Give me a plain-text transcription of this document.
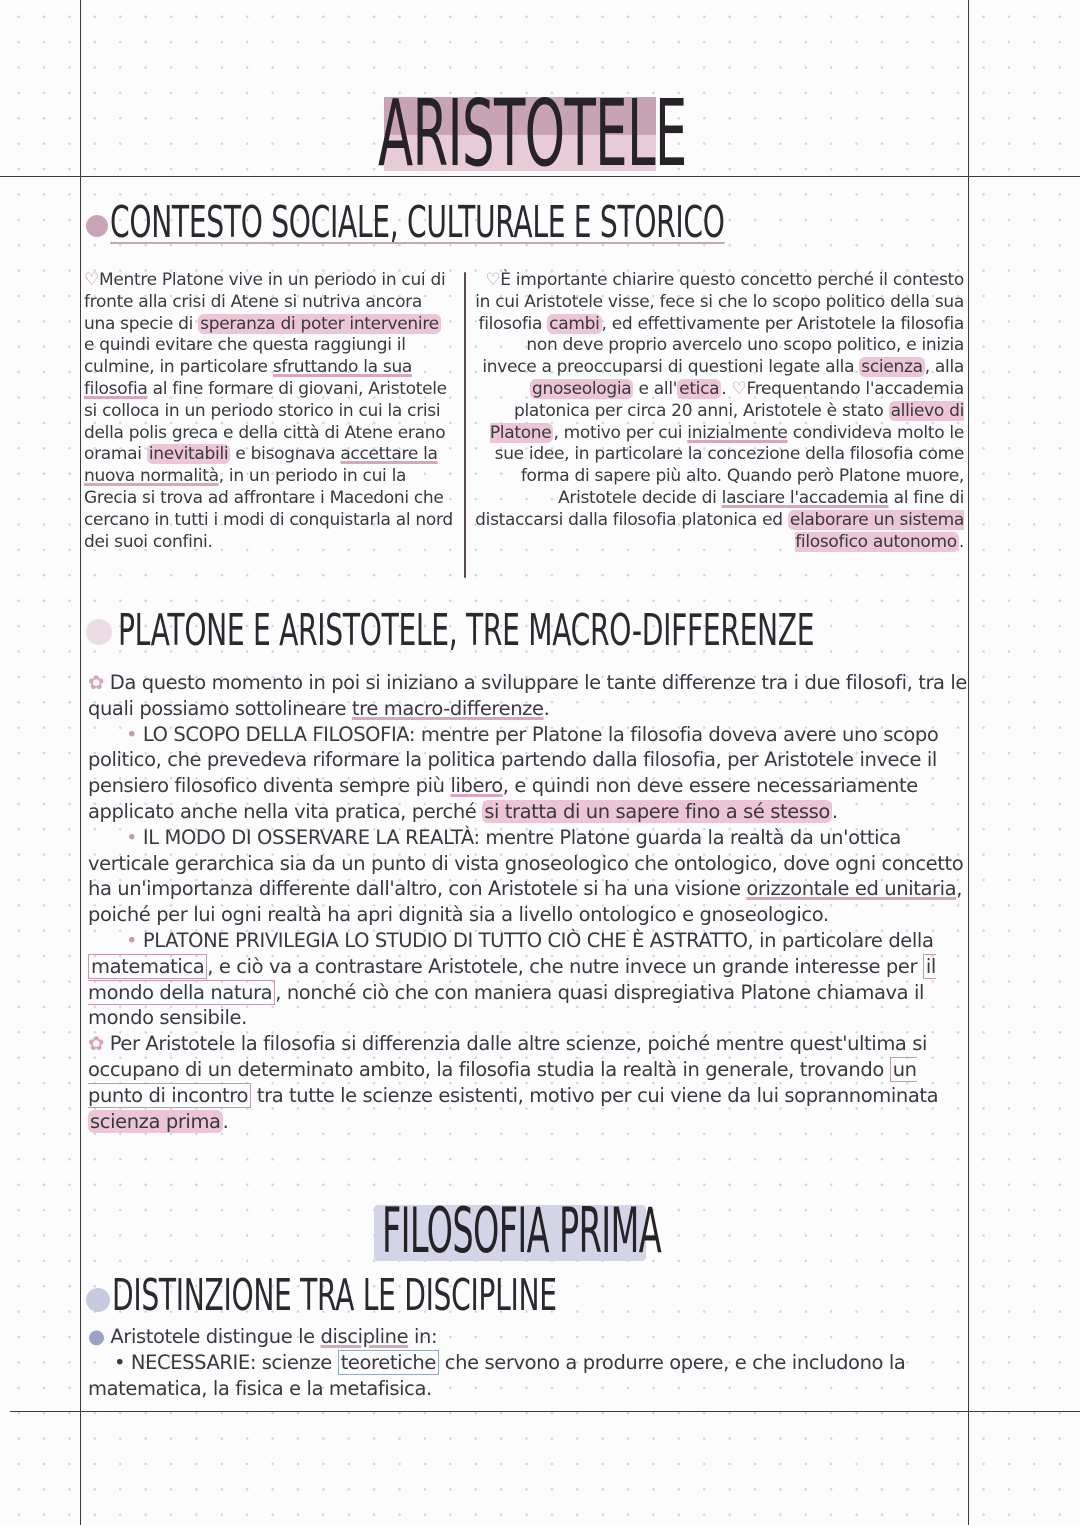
ARISTOTELE
CONTESTO SOCIALE, CULTURALE E STORICO
♡Mentre Platone vive in un periodo in cui di fronte alla crisi di Atene si nutriva ancora una specie di speranza di poter intervenire e quindi evitare che questa raggiungi il culmine, in particolare sfruttando la sua filosofia al fine formare di giovani, Aristotele si colloca in un periodo storico in cui la crisi della polis greca e della città di Atene erano oramai inevitabili e bisognava accettare la nuova normalità, in un periodo in cui la Grecia si trova ad affrontare i Macedoni che cercano in tutti i modi di conquistarla al nord dei suoi confini.
♡È importante chiarire questo concetto perché il contesto in cui Aristotele visse, fece si che lo scopo politico della sua filosofia cambi , ed effettivamente per Aristotele la filosofia non deve proprio avercelo uno scopo politico, e inizia invece a preoccuparsi di questioni legate alla scienza , alla gnoseologia e all' etica . ♡Frequentando l'accademia platonica per circa 20 anni, Aristotele è stato allievo di Platone , motivo per cui inizialmente condivideva molto le sue idee, in particolare la concezione della filosofia come forma di sapere più alto. Quando però Platone muore, Aristotele decide di lasciare l'accademia al fine di distaccarsi dalla filosofia platonica ed elaborare un sistema filosofico autonomo .
PLATONE E ARISTOTELE, TRE MACRO-DIFFERENZE

✿ Da questo momento in poi si iniziano a sviluppare le tante differenze tra i due filosofi, tra le quali possiamo sottolineare tre macro-differenze.

• LO SCOPO DELLA FILOSOFIA: mentre per Platone la filosofia doveva avere uno scopo politico, che prevedeva riformare la politica partendo dalla filosofia, per Aristotele invece il pensiero filosofico diventa sempre più libero, e quindi non deve essere necessariamente applicato anche nella vita pratica, perché si tratta di un sapere fino a sé stesso .

• IL MODO DI OSSERVARE LA REALTÀ: mentre Platone guarda la realtà da un'ottica verticale gerarchica sia da un punto di vista gnoseologico che ontologico, dove ogni concetto ha un'importanza differente dall'altro, con Aristotele si ha una visione orizzontale ed unitaria, poiché per lui ogni realtà ha apri dignità sia a livello ontologico e gnoseologico.

• PLATONE PRIVILEGIA LO STUDIO DI TUTTO CIÒ CHE È ASTRATTO, in particolare della matematica , e ciò va a contrastare Aristotele, che nutre invece un grande interesse per il mondo della natura , nonché ciò che con maniera quasi dispregiativa Platone chiamava il mondo sensibile.

✿ Per Aristotele la filosofia si differenzia dalle altre scienze, poiché mentre quest'ultima si occupano di un determinato ambito, la filosofia studia la realtà in generale, trovando un punto di incontro tra tutte le scienze esistenti, motivo per cui viene da lui soprannominata scienza prima .

FILOSOFIA PRIMA
DISTINZIONE TRA LE DISCIPLINE

● Aristotele distingue le discipline in:

• NECESSARIE: scienze teoretiche che servono a produrre opere, e che includono la matematica, la fisica e la metafisica.
